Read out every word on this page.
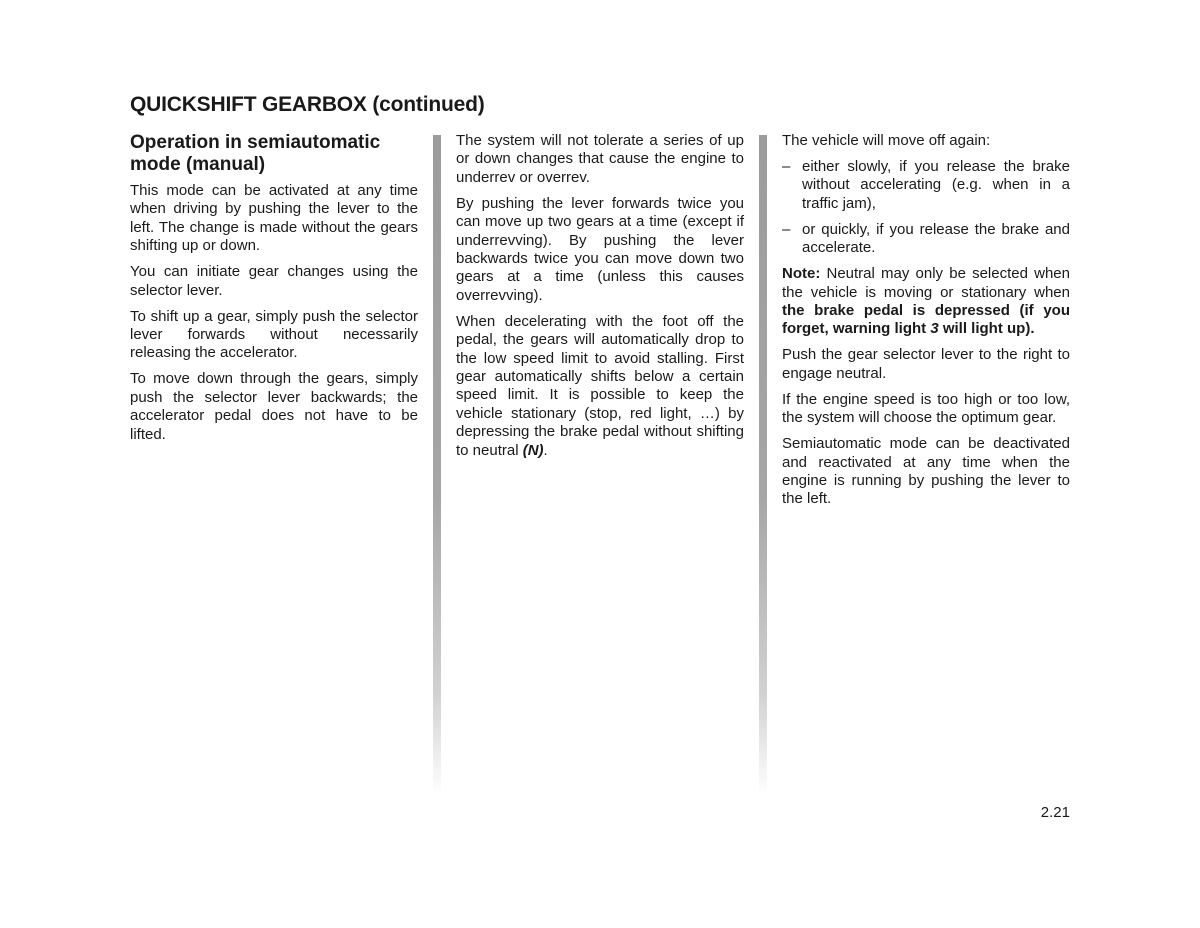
QUICKSHIFT GEARBOX (continued)
Operation in semiautomatic mode (manual)

This mode can be activated at any time when driving by pushing the lever to the left. The change is made without the gears shifting up or down.

You can initiate gear changes using the selector lever.

To shift up a gear, simply push the selector lever forwards without necessarily releasing the accelerator.

To move down through the gears, simply push the selector lever backwards; the accelerator pedal does not have to be lifted.

The system will not tolerate a series of up or down changes that cause the engine to underrev or overrev.

By pushing the lever forwards twice you can move up two gears at a time (except if underrevving). By pushing the lever backwards twice you can move down two gears at a time (unless this causes overrevving).

When decelerating with the foot off the pedal, the gears will automatically drop to the low speed limit to avoid stalling. First gear automatically shifts below a certain speed limit. It is possible to keep the vehicle stationary (stop, red light, …) by depressing the brake pedal without shifting to neutral (N).

The vehicle will move off again:

– either slowly, if you release the brake without accelerating (e.g. when in a traffic jam),
– or quickly, if you release the brake and accelerate.

Note: Neutral may only be selected when the vehicle is moving or stationary when the brake pedal is depressed (if you forget, warning light 3 will light up).

Push the gear selector lever to the right to engage neutral.

If the engine speed is too high or too low, the system will choose the optimum gear.

Semiautomatic mode can be deactivated and reactivated at any time when the engine is running by pushing the lever to the left.

2.21
